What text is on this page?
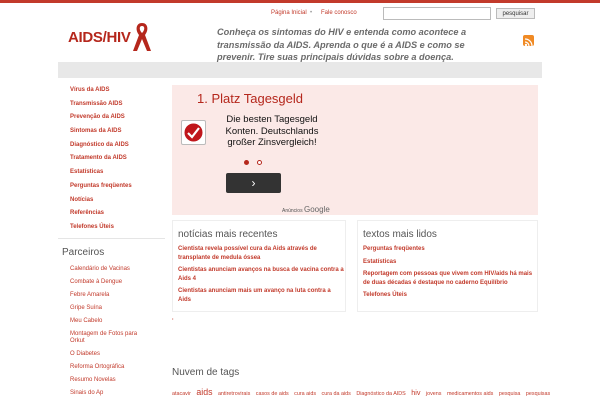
Página Inicial • Fale conosco	pesquisar
AIDS/HIV	Conheça os sintomas do HIV e entenda como acontece a transmissão da AIDS. Aprenda o que é a AIDS e como se prevenir. Tire suas principais dúvidas sobre a doença.
Vírus da AIDS
Transmissão AIDS
Prevenção da AIDS
Sintomas da AIDS
Diagnóstico da AIDS
Tratamento da AIDS
Estatísticas
Perguntas freqüentes
Notícias
Referências
Telefones Úteis
Parceiros
Calendário de Vacinas
Combate à Dengue
Febre Amarela
Gripe Suína
Meu Cabelo
Montagem de Fotos para Orkut
O Diabetes
Reforma Ortográfica
Resumo Novelas
Sinais do Ap
1. Platz Tagesgeld
Die besten Tagesgeld Konten. Deutschlands großer Zinsvergleich!
›
Anúncios Google
notícias mais recentes
Cientista revela possível cura da Aids através de transplante de medula óssea
Cientistas anunciam avanços na busca de vacina contra a Aids 4
Cientistas anunciam mais um avanço na luta contra a Aids
textos mais lidos
Perguntas freqüentes
Estatísticas
Reportagem com pessoas que vivem com HIV/aids há mais de duas décadas é destaque no caderno Equilíbrio
Telefones Úteis
•
Nuvem de tags
atacavir aids antiretrovirais casos de aids cura aids cura da aids Diagnóstico da AIDS hiv jovens medicamentos aids pesquisa pesquisas
